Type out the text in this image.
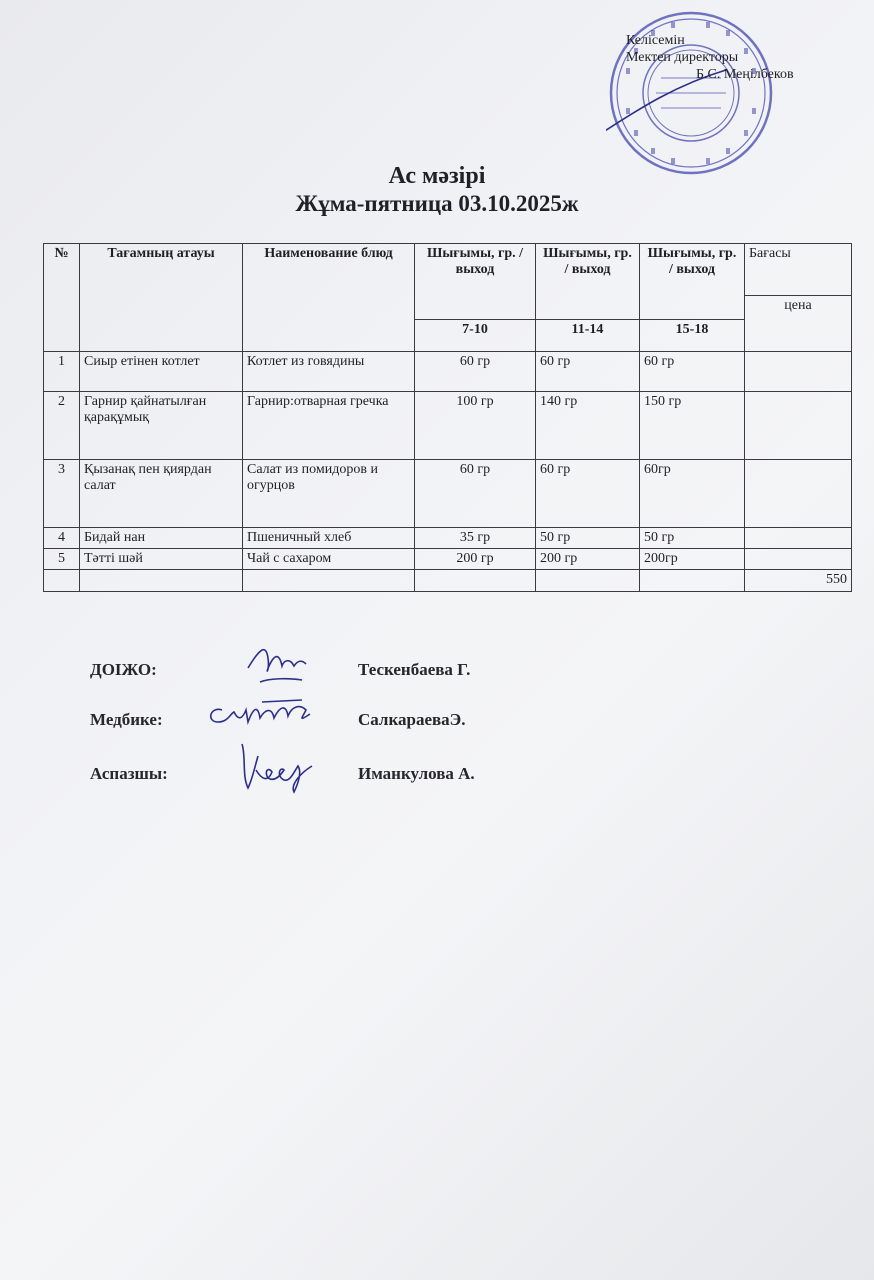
Келісемін
Мектеп директоры
Б.С. Меңілбеков
Ас мәзірі
Жұма-пятница 03.10.2025ж
№	Тағамның атауы	Наименование блюд	Шығымы, гр. / выход	Шығымы, гр. / выход	Шығымы, гр. / выход	Бағасы
						цена
			7-10	11-14	15-18	
1	Сиыр етінен котлет	Котлет из говядины	60 гр	60 гр	60 гр	
2	Гарнир қайнатылған қарақұмық	Гарнир:отварная гречка	100 гр	140 гр	150 гр	
3	Қызанақ пен қиярдан салат	Салат из помидоров и огурцов	60 гр	60 гр	60гр	
4	Бидай нан	Пшеничный хлеб	35 гр	50 гр	50 гр	
5	Тәтті шәй	Чай с сахаром	200 гр	200 гр	200гр	
						550
ДОІЖО:	Тескенбаева Г.
Медбике:	СалкараеваЭ.
Аспазшы:	Иманкулова А.
